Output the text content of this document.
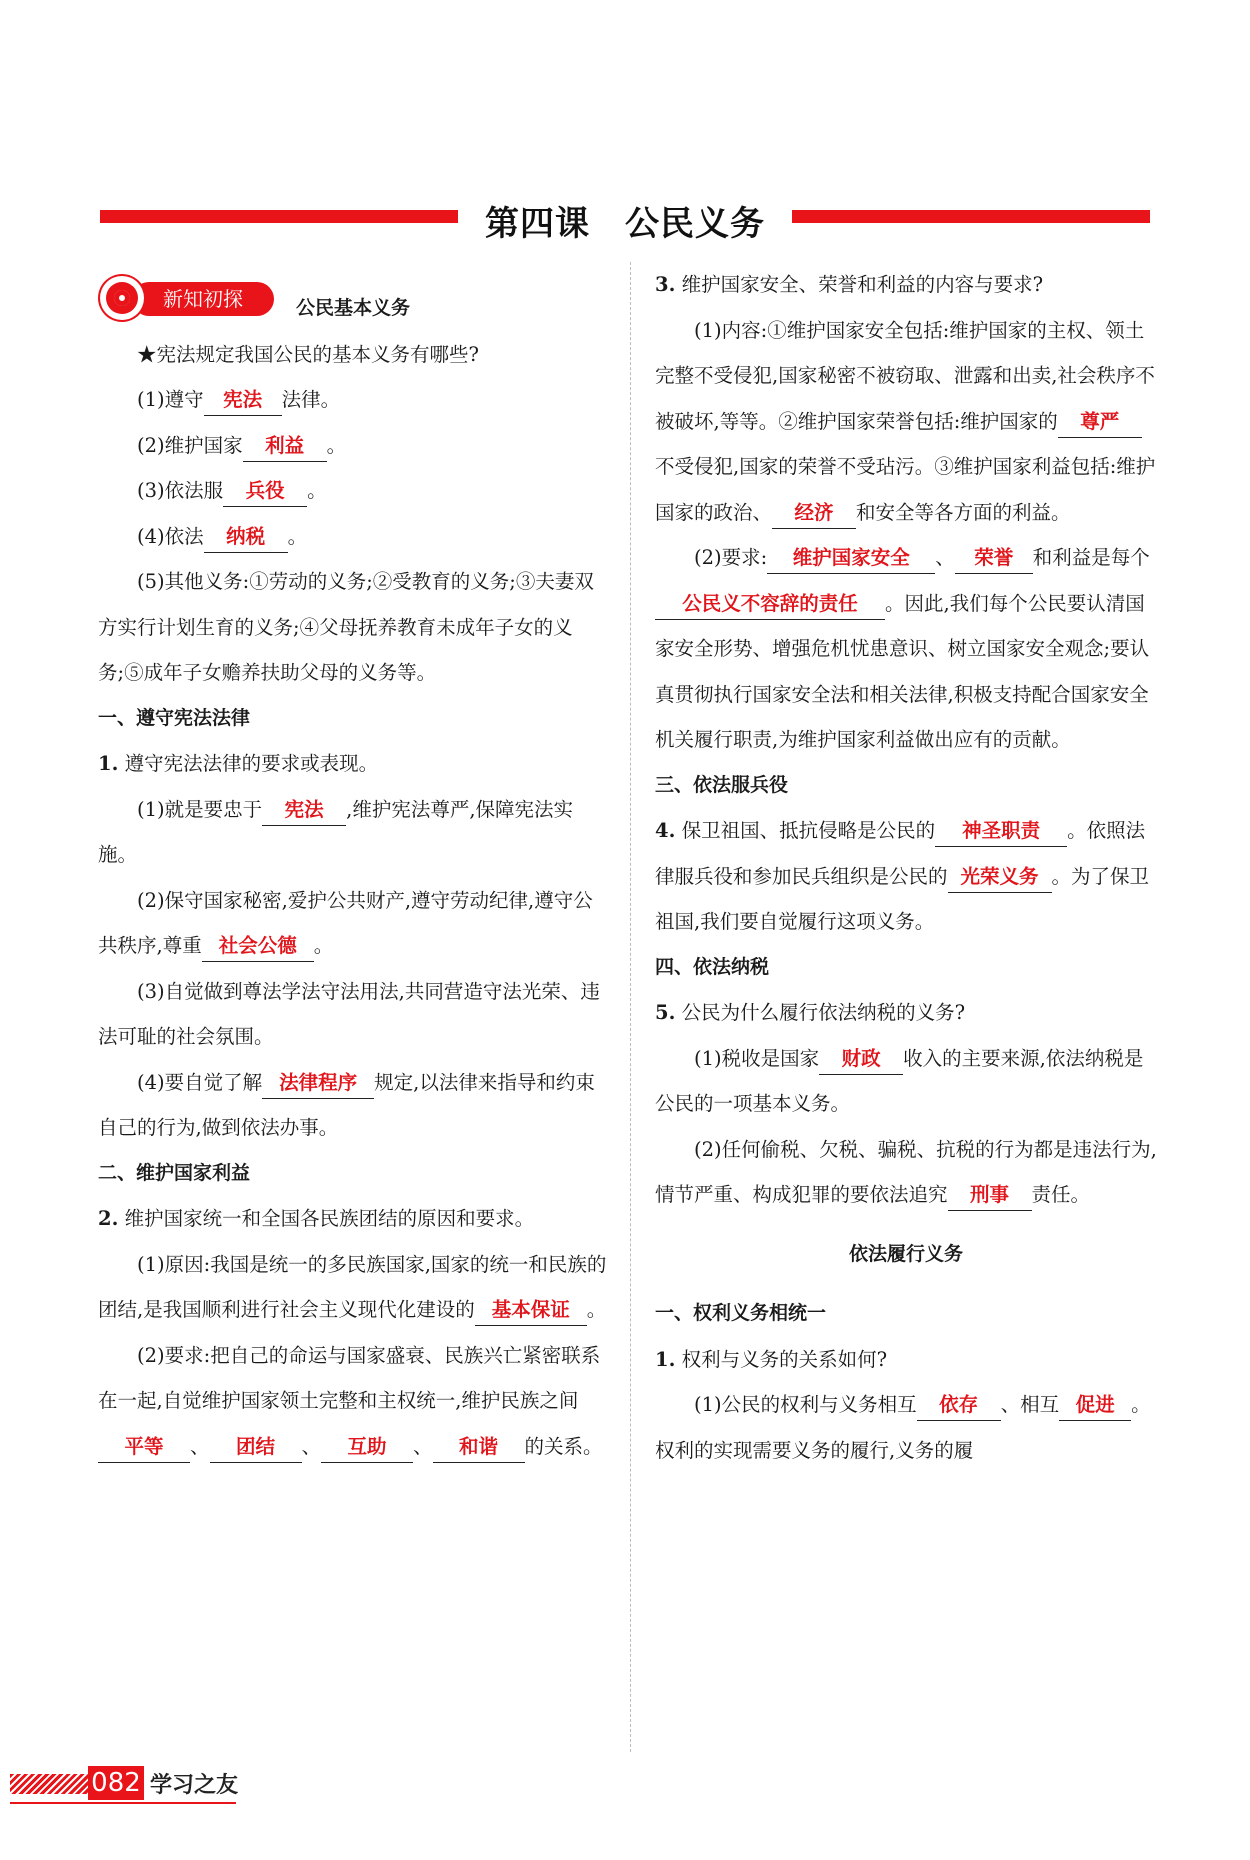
第四课　公民义务
新知初探	公民基本义务

★宪法规定我国公民的基本义务有哪些?

(1)遵守 宪法 法律。

(2)维护国家 利益 。

(3)依法服 兵役 。

(4)依法 纳税 。

(5)其他义务:①劳动的义务;②受教育的义务;③夫妻双方实行计划生育的义务;④父母抚养教育未成年子女的义务;⑤成年子女赡养扶助父母的义务等。

一、遵守宪法法律

1. 遵守宪法法律的要求或表现。

(1)就是要忠于 宪法 ,维护宪法尊严,保障宪法实施。

(2)保守国家秘密,爱护公共财产,遵守劳动纪律,遵守公共秩序,尊重 社会公德 。

(3)自觉做到尊法学法守法用法,共同营造守法光荣、违法可耻的社会氛围。

(4)要自觉了解 法律程序 规定,以法律来指导和约束自己的行为,做到依法办事。

二、维护国家利益

2. 维护国家统一和全国各民族团结的原因和要求。

(1)原因:我国是统一的多民族国家,国家的统一和民族的团结,是我国顺利进行社会主义现代化建设的 基本保证 。

(2)要求:把自己的命运与国家盛衰、民族兴亡紧密联系在一起,自觉维护国家领土完整和主权统一,维护民族之间平等 、 团结 、 互助 、 和谐 的关系。

3. 维护国家安全、荣誉和利益的内容与要求?

(1)内容:①维护国家安全包括:维护国家的主权、领土完整不受侵犯,国家秘密不被窃取、泄露和出卖,社会秩序不被破坏,等等。②维护国家荣誉包括:维护国家的 尊严不受侵犯,国家的荣誉不受玷污。③维护国家利益包括:维护国家的政治、 经济 和安全等各方面的利益。

(2)要求: 维护国家安全 、 荣誉 和利益是每个公民义不容辞的责任 。因此,我们每个公民要认清国家安全形势、增强危机忧患意识、树立国家安全观念;要认真贯彻执行国家安全法和相关法律,积极支持配合国家安全机关履行职责,为维护国家利益做出应有的贡献。

三、依法服兵役

4. 保卫祖国、抵抗侵略是公民的 神圣职责 。依照法律服兵役和参加民兵组织是公民的 光荣义务 。为了保卫祖国,我们要自觉履行这项义务。

四、依法纳税

5. 公民为什么履行依法纳税的义务?

(1)税收是国家 财政 收入的主要来源,依法纳税是公民的一项基本义务。

(2)任何偷税、欠税、骗税、抗税的行为都是违法行为,情节严重、构成犯罪的要依法追究 刑事 责任。

依法履行义务

一、权利义务相统一

1. 权利与义务的关系如何?

(1)公民的权利与义务相互 依存 、相互 促进 。权利的实现需要义务的履行,义务的履

082 学习之友
